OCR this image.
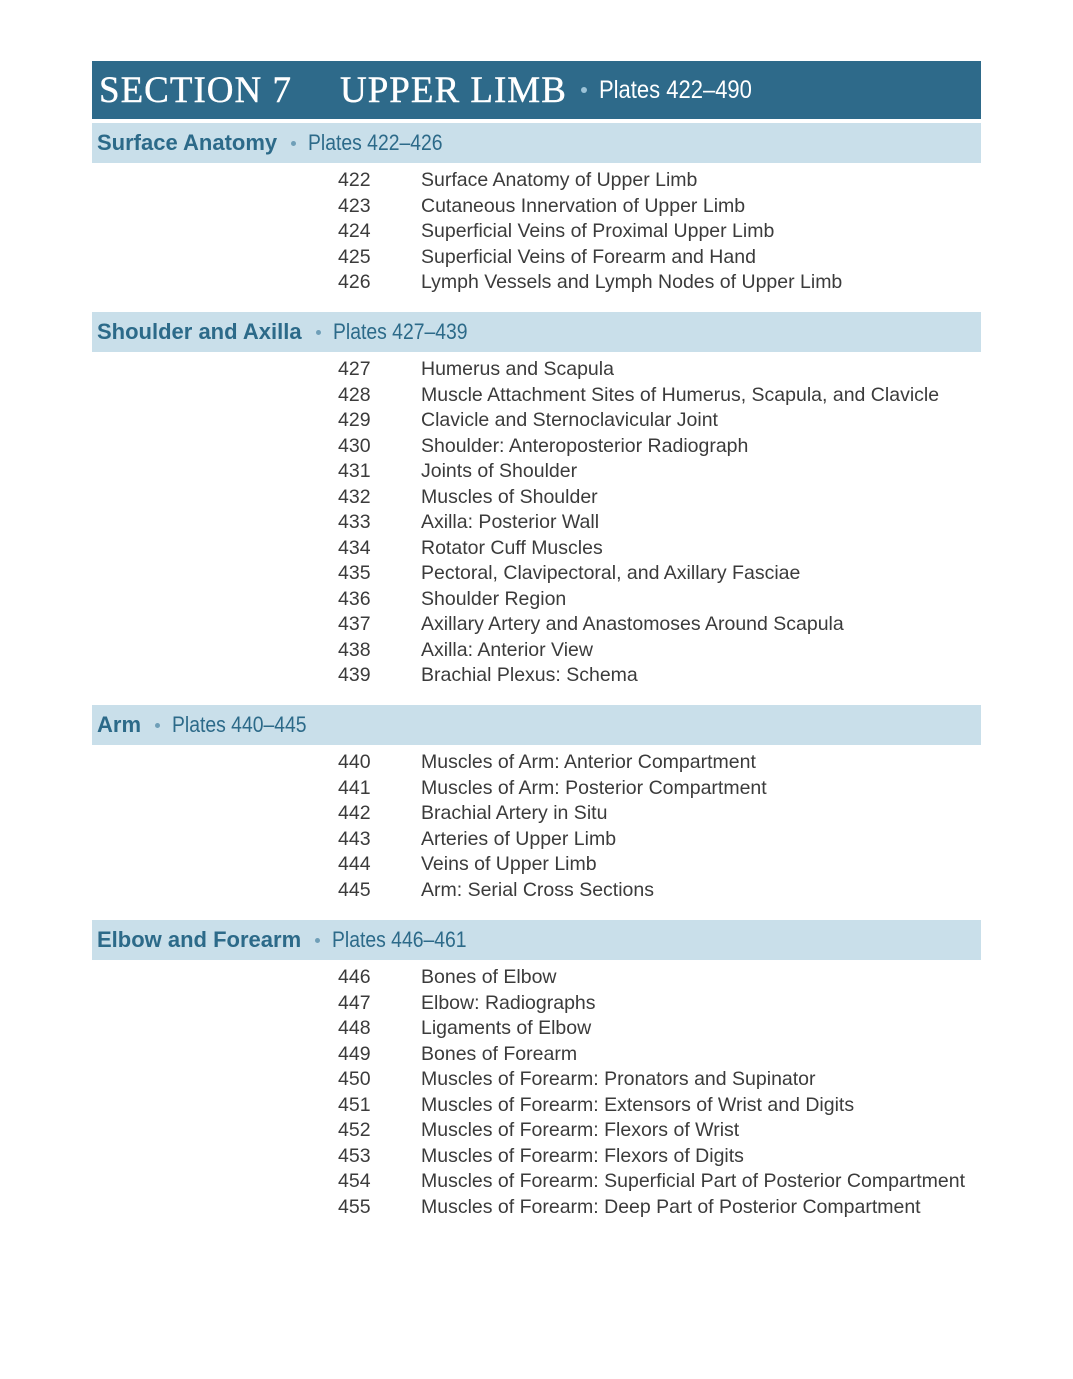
SECTION 7 UPPER LIMB Plates 422–490
Surface Anatomy Plates 422–426
422	Surface Anatomy of Upper Limb
423	Cutaneous Innervation of Upper Limb
424	Superficial Veins of Proximal Upper Limb
425	Superficial Veins of Forearm and Hand
426	Lymph Vessels and Lymph Nodes of Upper Limb
Shoulder and Axilla Plates 427–439
427	Humerus and Scapula
428	Muscle Attachment Sites of Humerus, Scapula, and Clavicle
429	Clavicle and Sternoclavicular Joint
430	Shoulder: Anteroposterior Radiograph
431	Joints of Shoulder
432	Muscles of Shoulder
433	Axilla: Posterior Wall
434	Rotator Cuff Muscles
435	Pectoral, Clavipectoral, and Axillary Fasciae
436	Shoulder Region
437	Axillary Artery and Anastomoses Around Scapula
438	Axilla: Anterior View
439	Brachial Plexus: Schema
Arm Plates 440–445
440	Muscles of Arm: Anterior Compartment
441	Muscles of Arm: Posterior Compartment
442	Brachial Artery in Situ
443	Arteries of Upper Limb
444	Veins of Upper Limb
445	Arm: Serial Cross Sections
Elbow and Forearm Plates 446–461
446	Bones of Elbow
447	Elbow: Radiographs
448	Ligaments of Elbow
449	Bones of Forearm
450	Muscles of Forearm: Pronators and Supinator
451	Muscles of Forearm: Extensors of Wrist and Digits
452	Muscles of Forearm: Flexors of Wrist
453	Muscles of Forearm: Flexors of Digits
454	Muscles of Forearm: Superficial Part of Posterior Compartment
455	Muscles of Forearm: Deep Part of Posterior Compartment
